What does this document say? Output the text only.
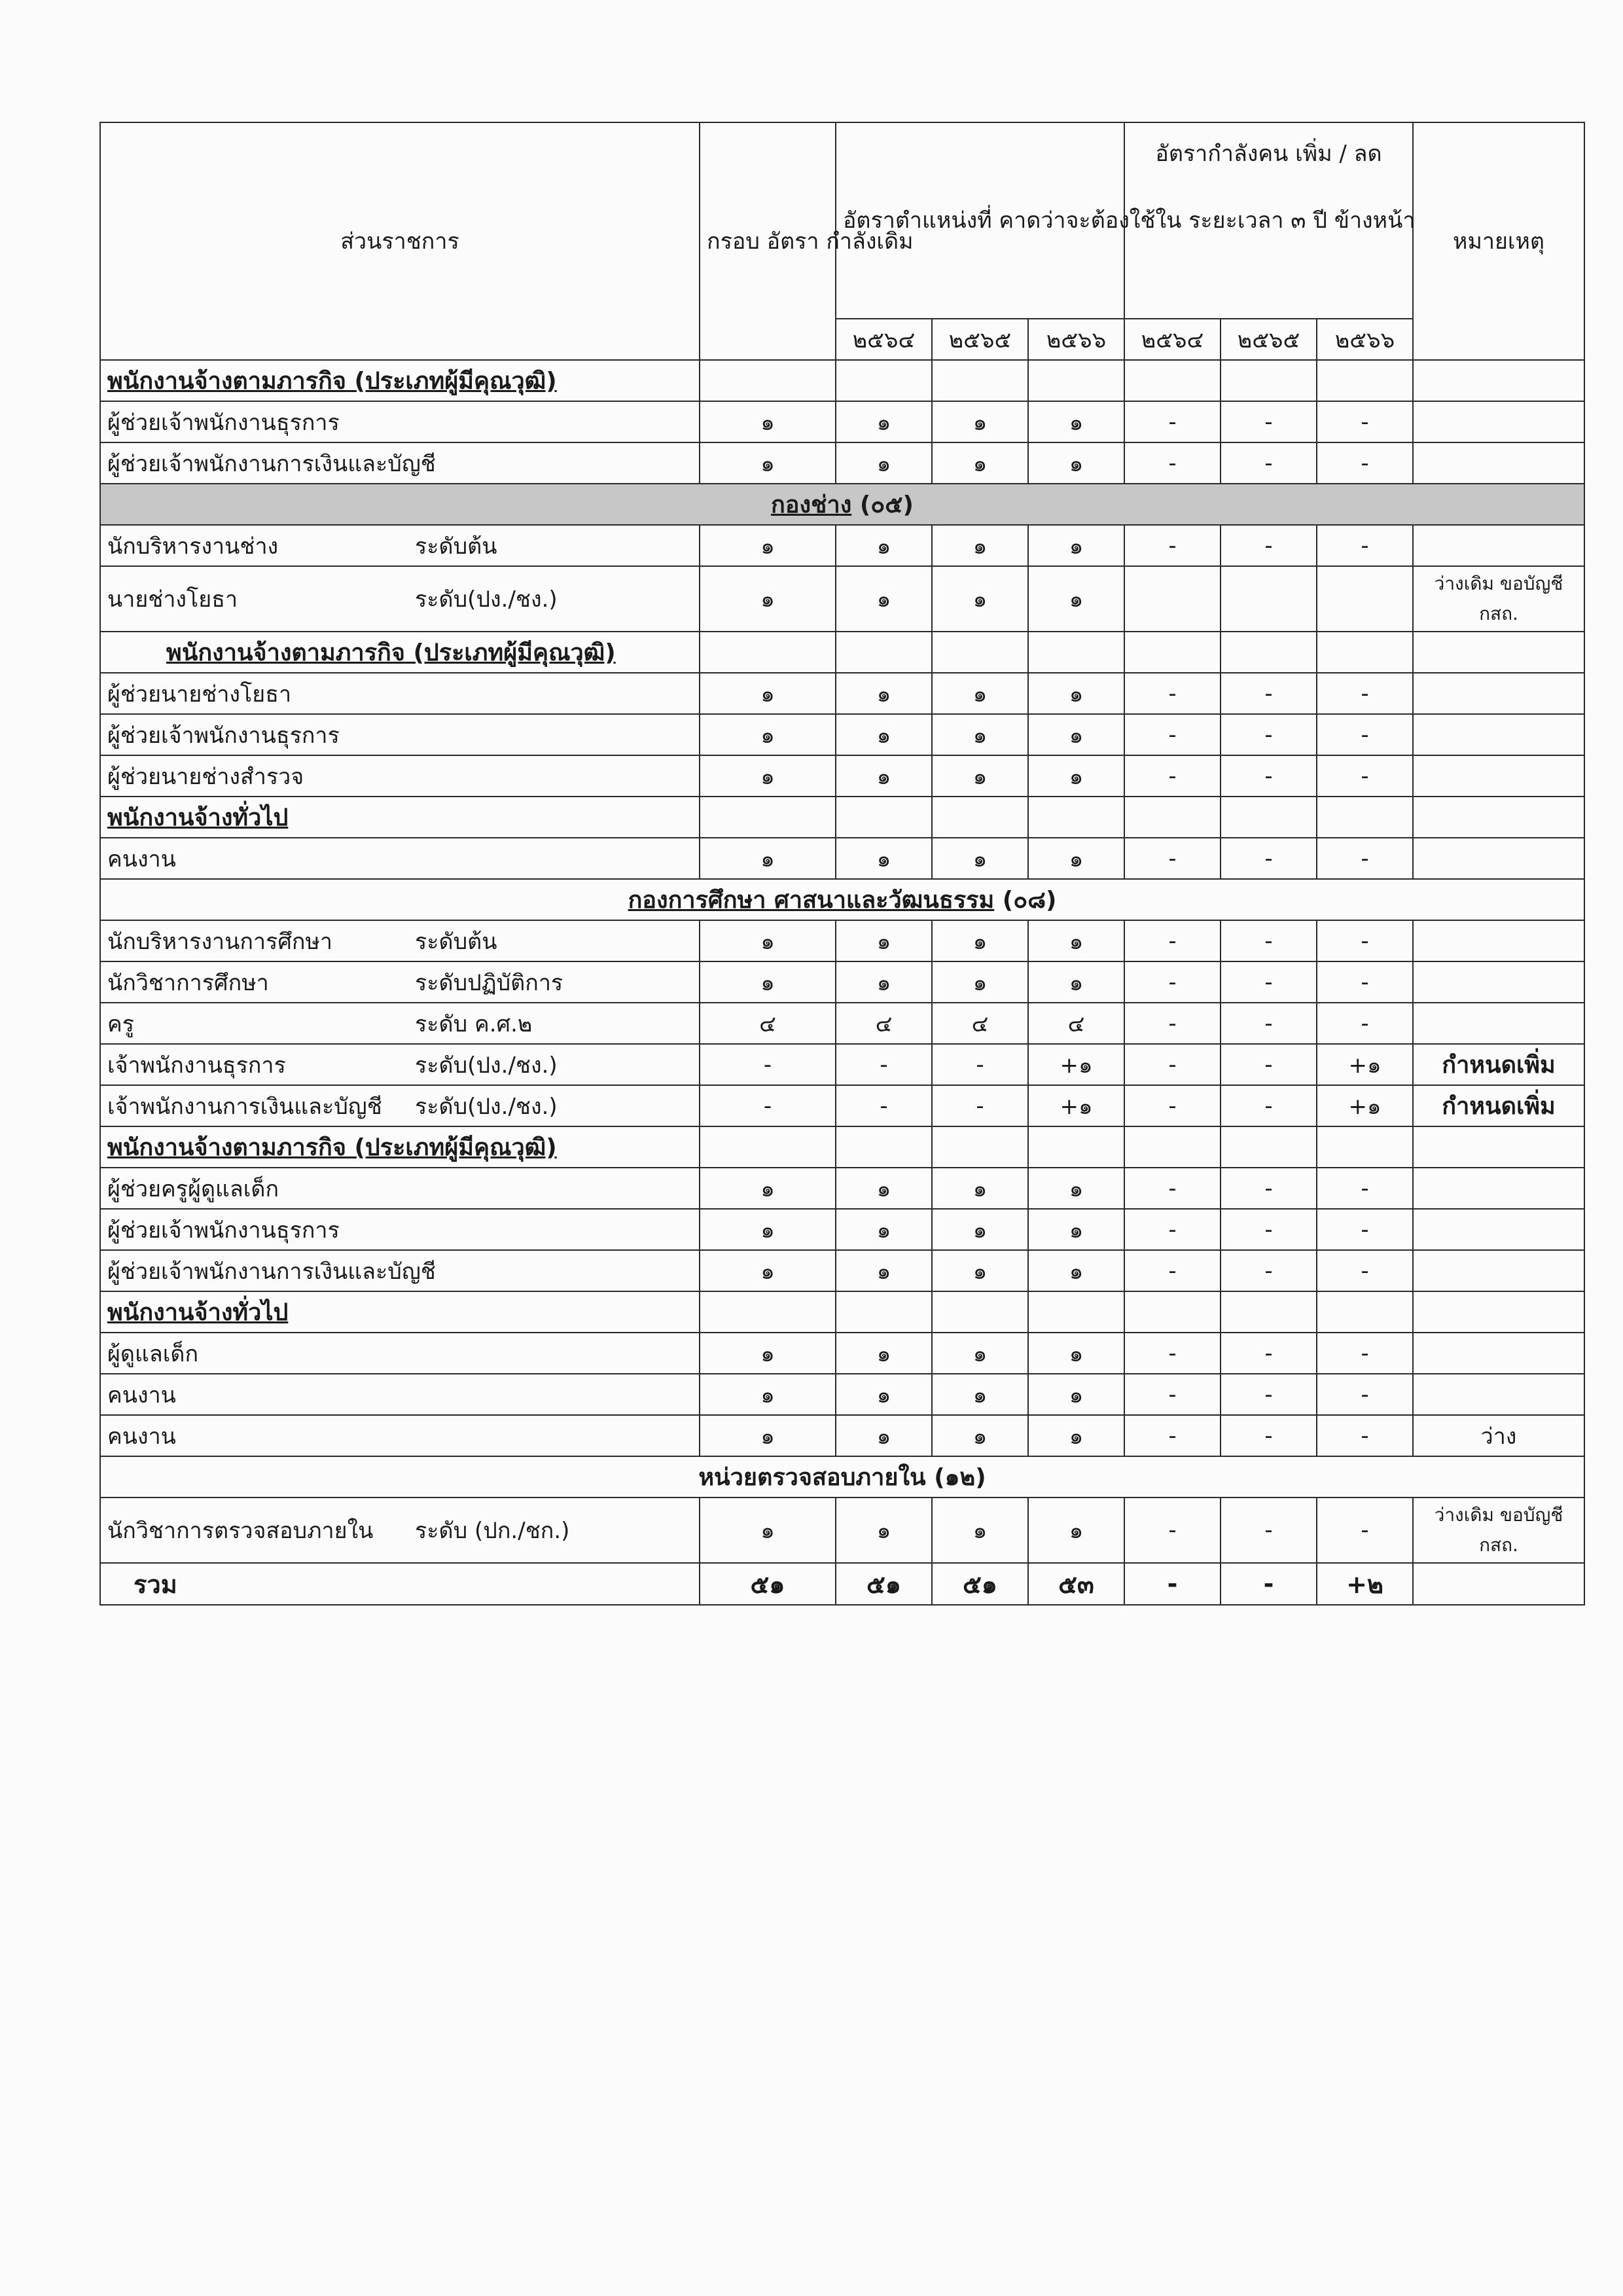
ส่วนราชการ	กรอบ อัตรา กำลังเดิม	อัตราตำแหน่งที่ คาดว่าจะต้องใช้ใน ระยะเวลา ๓ ปี ข้างหน้า			อัตรากำลังคน เพิ่ม / ลด			หมายเหตุ
		๒๕๖๔	๒๕๖๕	๒๕๖๖	๒๕๖๔	๒๕๖๕	๒๕๖๖	
พนักงานจ้างตามภารกิจ (ประเภทผู้มีคุณวุฒิ)								
ผู้ช่วยเจ้าพนักงานธุรการ	๑	๑	๑	๑	-	-	-	
ผู้ช่วยเจ้าพนักงานการเงินและบัญชี	๑	๑	๑	๑	-	-	-	
กองช่าง (๐๕)								
นักบริหารงานช่าง ระดับต้น	๑	๑	๑	๑	-	-	-	
นายช่างโยธา ระดับ(ปง./ชง.)	๑	๑	๑	๑				ว่างเดิม ขอบัญชีกสถ.
พนักงานจ้างตามภารกิจ (ประเภทผู้มีคุณวุฒิ)								
ผู้ช่วยนายช่างโยธา	๑	๑	๑	๑	-	-	-	
ผู้ช่วยเจ้าพนักงานธุรการ	๑	๑	๑	๑	-	-	-	
ผู้ช่วยนายช่างสำรวจ	๑	๑	๑	๑	-	-	-	
พนักงานจ้างทั่วไป								
คนงาน	๑	๑	๑	๑	-	-	-	
กองการศึกษา ศาสนาและวัฒนธรรม (๐๘)								
นักบริหารงานการศึกษา ระดับต้น	๑	๑	๑	๑	-	-	-	
นักวิชาการศึกษา ระดับปฏิบัติการ	๑	๑	๑	๑	-	-	-	
ครู ระดับ ค.ศ.๒	๔	๔	๔	๔	-	-	-	
เจ้าพนักงานธุรการ ระดับ(ปง./ชง.)	-	-	-	+๑	-	-	+๑	กำหนดเพิ่ม
เจ้าพนักงานการเงินและบัญชี ระดับ(ปง./ชง.)	-	-	-	+๑	-	-	+๑	กำหนดเพิ่ม
พนักงานจ้างตามภารกิจ (ประเภทผู้มีคุณวุฒิ)								
ผู้ช่วยครูผู้ดูแลเด็ก	๑	๑	๑	๑	-	-	-	
ผู้ช่วยเจ้าพนักงานธุรการ	๑	๑	๑	๑	-	-	-	
ผู้ช่วยเจ้าพนักงานการเงินและบัญชี	๑	๑	๑	๑	-	-	-	
พนักงานจ้างทั่วไป								
ผู้ดูแลเด็ก	๑	๑	๑	๑	-	-	-	
คนงาน	๑	๑	๑	๑	-	-	-	
คนงาน	๑	๑	๑	๑	-	-	-	ว่าง
หน่วยตรวจสอบภายใน (๑๒)								
นักวิชาการตรวจสอบภายใน ระดับ (ปก./ชก.)	๑	๑	๑	๑	-	-	-	ว่างเดิม ขอบัญชีกสถ.
รวม	๕๑	๕๑	๕๑	๕๓	-	-	+๒	
